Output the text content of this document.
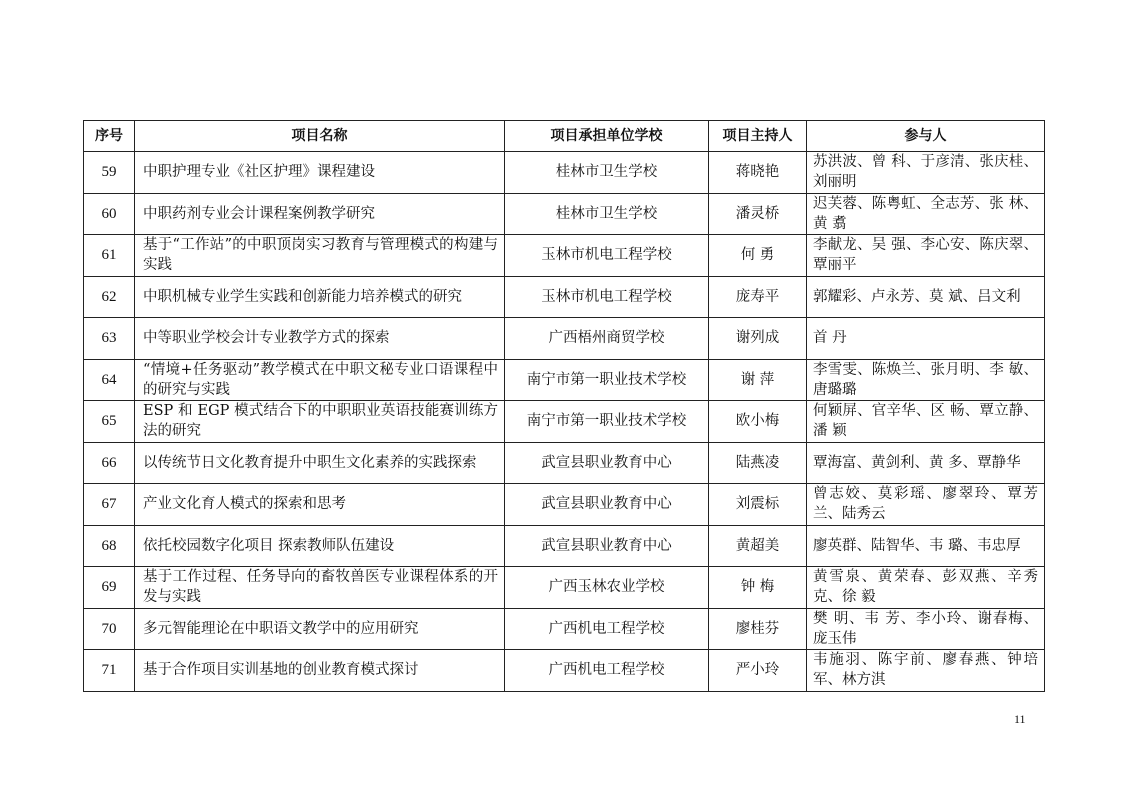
序号	项目名称	项目承担单位学校	项目主持人	参与人
59	中职护理专业《社区护理》课程建设	桂林市卫生学校	蒋晓艳	苏洪波、曾 科、于彦清、张庆桂、刘丽明
60	中职药剂专业会计课程案例教学研究	桂林市卫生学校	潘灵桥	迟芙蓉、陈粤虹、全志芳、张 林、黄 翥
61	基于“工作站”的中职顶岗实习教育与管理模式的构建与实践	玉林市机电工程学校	何 勇	李献龙、吴 强、李心安、陈庆翠、覃丽平
62	中职机械专业学生实践和创新能力培养模式的研究	玉林市机电工程学校	庞寿平	郭耀彩、卢永芳、莫 斌、吕文利
63	中等职业学校会计专业教学方式的探索	广西梧州商贸学校	谢列成	首 丹
64	“情境+任务驱动”教学模式在中职文秘专业口语课程中的研究与实践	南宁市第一职业技术学校	谢 萍	李雪雯、陈焕兰、张月明、李 敏、唐璐璐
65	ESP 和 EGP 模式结合下的中职职业英语技能赛训练方法的研究	南宁市第一职业技术学校	欧小梅	何颖屏、官辛华、区 畅、覃立静、潘 颖
66	以传统节日文化教育提升中职生文化素养的实践探索	武宣县职业教育中心	陆燕凌	覃海富、黄剑利、黄 多、覃静华
67	产业文化育人模式的探索和思考	武宣县职业教育中心	刘震标	曾志姣、莫彩瑶、廖翠玲、覃芳兰、陆秀云
68	依托校园数字化项目 探索教师队伍建设	武宣县职业教育中心	黄超美	廖英群、陆智华、韦 璐、韦忠厚
69	基于工作过程、任务导向的畜牧兽医专业课程体系的开发与实践	广西玉林农业学校	钟 梅	黄雪泉、黄荣春、彭双燕、辛秀克、徐 毅
70	多元智能理论在中职语文教学中的应用研究	广西机电工程学校	廖桂芬	樊 明、韦 芳、李小玲、谢春梅、庞玉伟
71	基于合作项目实训基地的创业教育模式探讨	广西机电工程学校	严小玲	韦施羽、陈宇前、廖春燕、钟培军、林方淇
11
